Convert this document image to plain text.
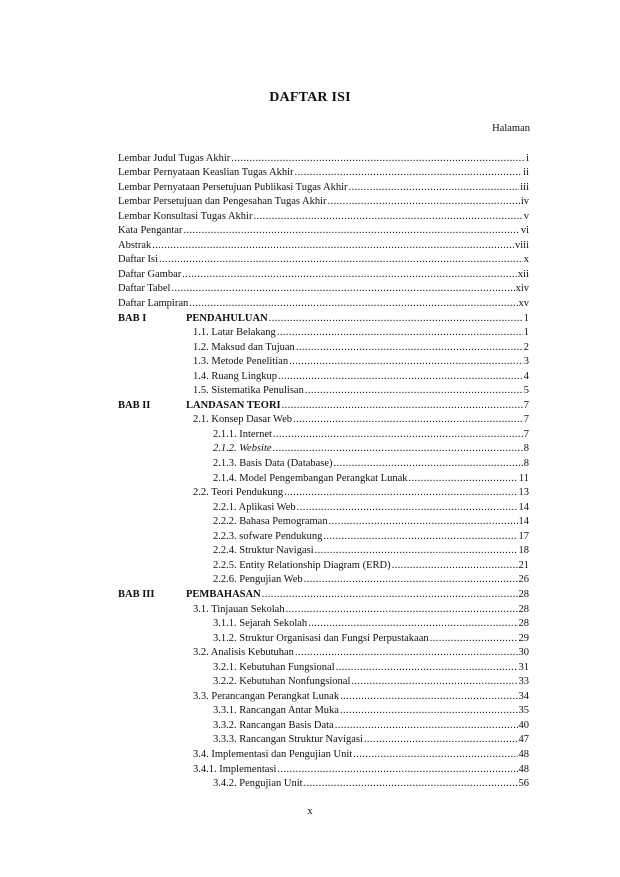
DAFTAR ISI
Halaman
Lembar Judul Tugas Akhir .....	i
Lembar Pernyataan Keaslian Tugas Akhir .....	ii
Lembar Pernyataan Persetujuan Publikasi Tugas Akhir .....	iii
Lembar Persetujuan dan Pengesahan Tugas Akhir .....	iv
Lembar Konsultasi Tugas Akhir .....	v
Kata Pengantar .....	vi
Abstrak .....	viii
Daftar Isi .....	x
Daftar Gambar .....	xii
Daftar Tabel .....	xiv
Daftar Lampiran .....	xv
BAB I	PENDAHULUAN .....	1
1.1. Latar Belakang .....	1
1.2. Maksud dan Tujuan .....	2
1.3. Metode Penelitian .....	3
1.4. Ruang Lingkup .....	4
1.5. Sistematika Penulisan .....	5
BAB II	LANDASAN TEORI .....	7
2.1. Konsep Dasar Web .....	7
2.1.1. Internet .....	7
2.1.2. Website .....	8
2.1.3. Basis Data (Database) .....	8
2.1.4. Model Pengembangan Perangkat Lunak .....	11
2.2. Teori Pendukung .....	13
2.2.1. Aplikasi Web .....	14
2.2.2. Bahasa Pemograman .....	14
2.2.3. sofware Pendukung .....	17
2.2.4. Struktur Navigasi .....	18
2.2.5. Entity Relationship Diagram (ERD) .....	21
2.2.6. Pengujian Web .....	26
BAB III	PEMBAHASAN .....	28
3.1. Tinjauan Sekolah .....	28
3.1.1. Sejarah Sekolah .....	28
3.1.2. Struktur Organisasi dan Fungsi Perpustakaan .....	29
3.2. Analisis Kebutuhan .....	30
3.2.1. Kebutuhan Fungsional .....	31
3.2.2. Kebutuhan Nonfungsional .....	33
3.3. Perancangan Perangkat Lunak .....	34
3.3.1. Rancangan Antar Muka .....	35
3.3.2. Rancangan Basis Data .....	40
3.3.3. Rancangan Struktur Navigasi .....	47
3.4. Implementasi dan Pengujian Unit .....	48
3.4.1. Implementasi .....	48
3.4.2. Pengujian Unit .....	56
x
